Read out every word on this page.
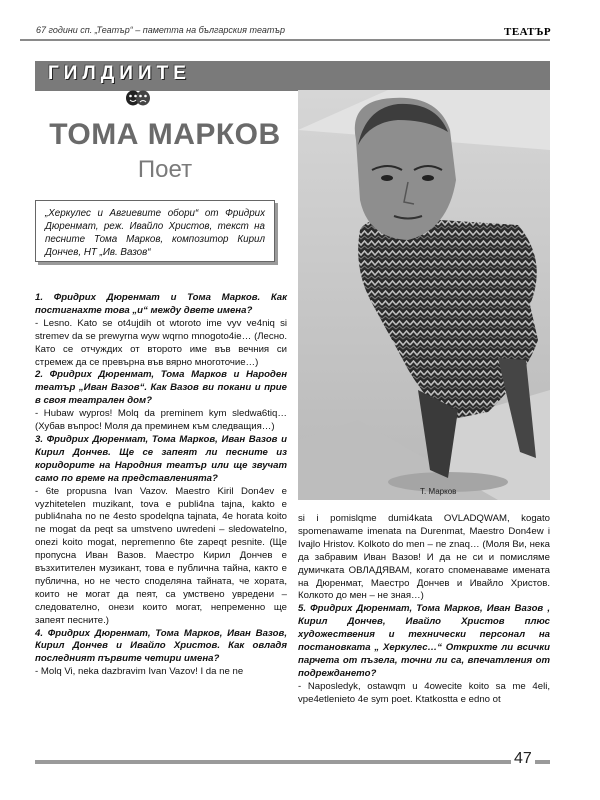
67 години сп. „Театър“ – паметта на българския театър	ТЕАТЪР
ГИЛДИИТЕ
ТОМА МАРКОВ
Поет
„Херкулес и Авгиевите обори“ от Фридрих Дюренмат, реж. Ивайло Христов, текст на песните Тома Марков, композитор Кирил Дончев, НТ „Ив. Вазов“
Т. Марков

1. Фридрих Дюренмат и Тома Марков. Как постигнахте това „и“ между двете имена?

- Lesno. Kato se ot4ujdih ot wtoroto ime vyv ve4niq si stremev da se prewyrna wyw wqrno mnogoto4ie… (Лесно. Като се отчуждих от второто име във вечния си стремеж да се превърна във вярно многоточие…)

2. Фридрих Дюренмат, Тома Марков и Народен театър „Иван Вазов“. Как Вазов ви покани и прие в своя театрален дом?

- Hubaw wypros! Molq da preminem kym sledwa6tiq… (Хубав въпрос! Моля да преминем към следващия…)

3. Фридрих Дюренмат, Тома Марков, Иван Вазов и Кирил Дончев. Ще се запеят ли песните из коридорите на Народния театър или ще звучат само по време на представленията?

- 6te propusna Ivan Vazov. Maestro Kiril Don4ev e vyzhitetelen muzikant, tova e publi4na tajna, kakto e publi4naha no ne 4esto spodelqna tajnata, 4e horata koito ne mogat da peqt sa umstveno uwredeni – sledowatelno, onezi koito mogat, nepremenno 6te zapeqt pesnite. (Ще пропусна Иван Вазов. Маестро Кирил Дончев е възхитителен музикант, това е публична тайна, както е публична, но не често споделяна тайната, че хората, които не могат да пеят, са умствено увредени – следователно, онези които могат, непременно ще запеят песните.)

4. Фридрих Дюренмат, Тома Марков, Иван Вазов, Кирил Дончев и Ивайло Христов. Как овладя последният първите четири имена?

- Molq Vi, neka dazbravim Ivan Vazov! I da ne ne

si i pomislqme dumi4kata OVLADQWAM, kogato spomenawame imenata na Durenmat, Maestro Don4ew i Ivajlo Hristov. Kolkoto do men – ne znaq… (Моля Ви, нека да забравим Иван Вазов! И да не си и помисляме думичката ОВЛАДЯВАМ, когато споменаваме имената на Дюренмат, Маестро Дончев и Ивайло Христов. Колкото до мен – не зная…)

5. Фридрих Дюренмат, Тома Марков, Иван Вазов , Кирил Дончев, Ивайло Христов плюс художествения и технически персонал на постановката „ Херкулес…“ Открихте ли всички парчета от пъзела, точни ли са, впечатления от подреждането?

- Naposledyk, ostawqm u 4owecite koito sa me 4eli, vpe4etlenieto 4e sym poet. Ktatkostta e edno ot

47
